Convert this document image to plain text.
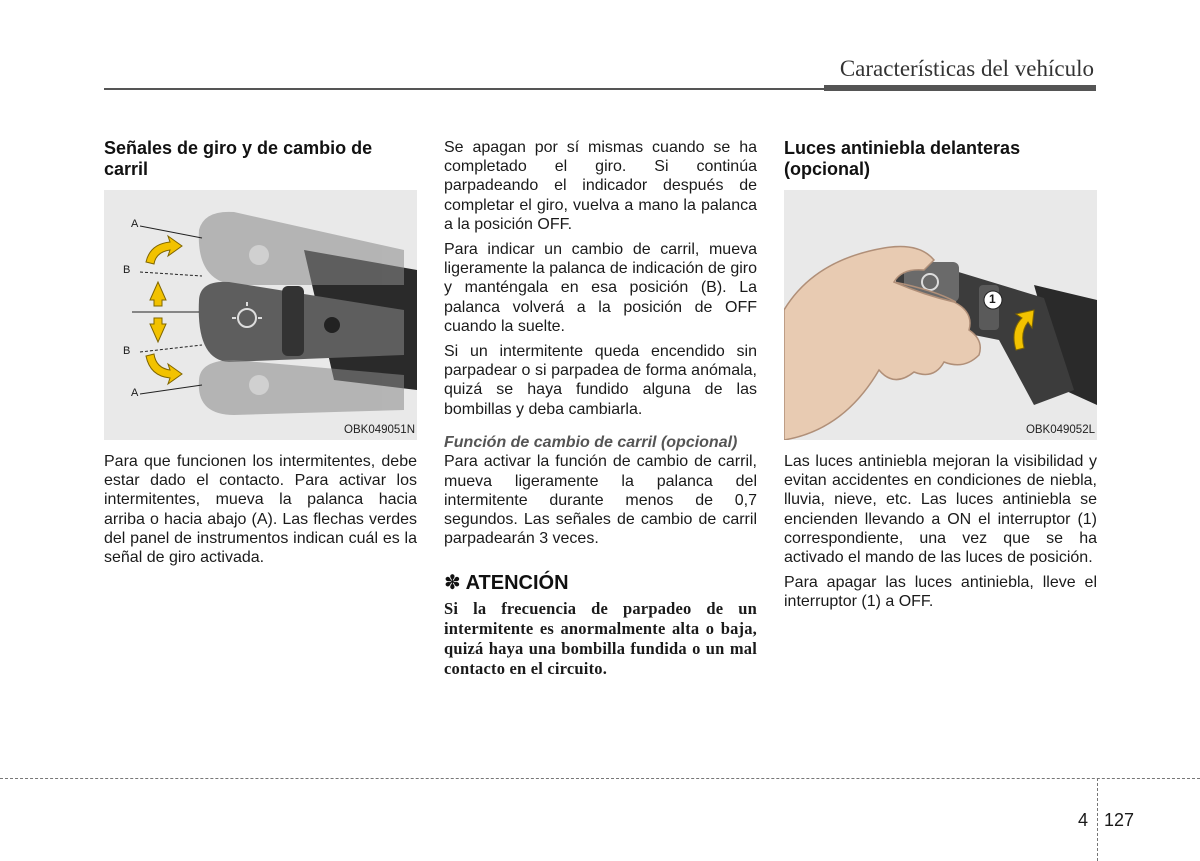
Características del vehículo
Señales de giro y de cambio de carril
A
B
B
A
OBK049051N

Para que funcionen los intermitentes, debe estar dado el contacto. Para activar los intermitentes, mueva la palanca hacia arriba o hacia abajo (A). Las flechas verdes del panel de instrumentos indican cuál es la señal de giro activada.

Se apagan por sí mismas cuando se ha completado el giro. Si continúa parpadeando el indicador después de completar el giro, vuelva a mano la palanca a la posición OFF.

Para indicar un cambio de carril, mueva ligeramente la palanca de indicación de giro y manténgala en esa posición (B). La palanca volverá a la posición de OFF cuando la suelte.

Si un intermitente queda encendido sin parpadear o si parpadea de forma anómala, quizá se haya fundido alguna de las bombillas y deba cambiarla.

Función de cambio de carril (opcional)

Para activar la función de cambio de carril, mueva ligeramente la palanca del intermitente durante menos de 0,7 segundos. Las señales de cambio de carril parpadearán 3 veces.

✽ ATENCIÓN

Si la frecuencia de parpadeo de un intermitente es anormalmente alta o baja, quizá haya una bombilla fundida o un mal contacto en el circuito.

Luces antiniebla delanteras (opcional)
1
OBK049052L

Las luces antiniebla mejoran la visibilidad y evitan accidentes en condiciones de niebla, lluvia, nieve, etc. Las luces antiniebla se encienden llevando a ON el interruptor (1) correspondiente, una vez que se ha activado el mando de las luces de posición.

Para apagar las luces antiniebla, lleve el interruptor (1) a OFF.

4 127
